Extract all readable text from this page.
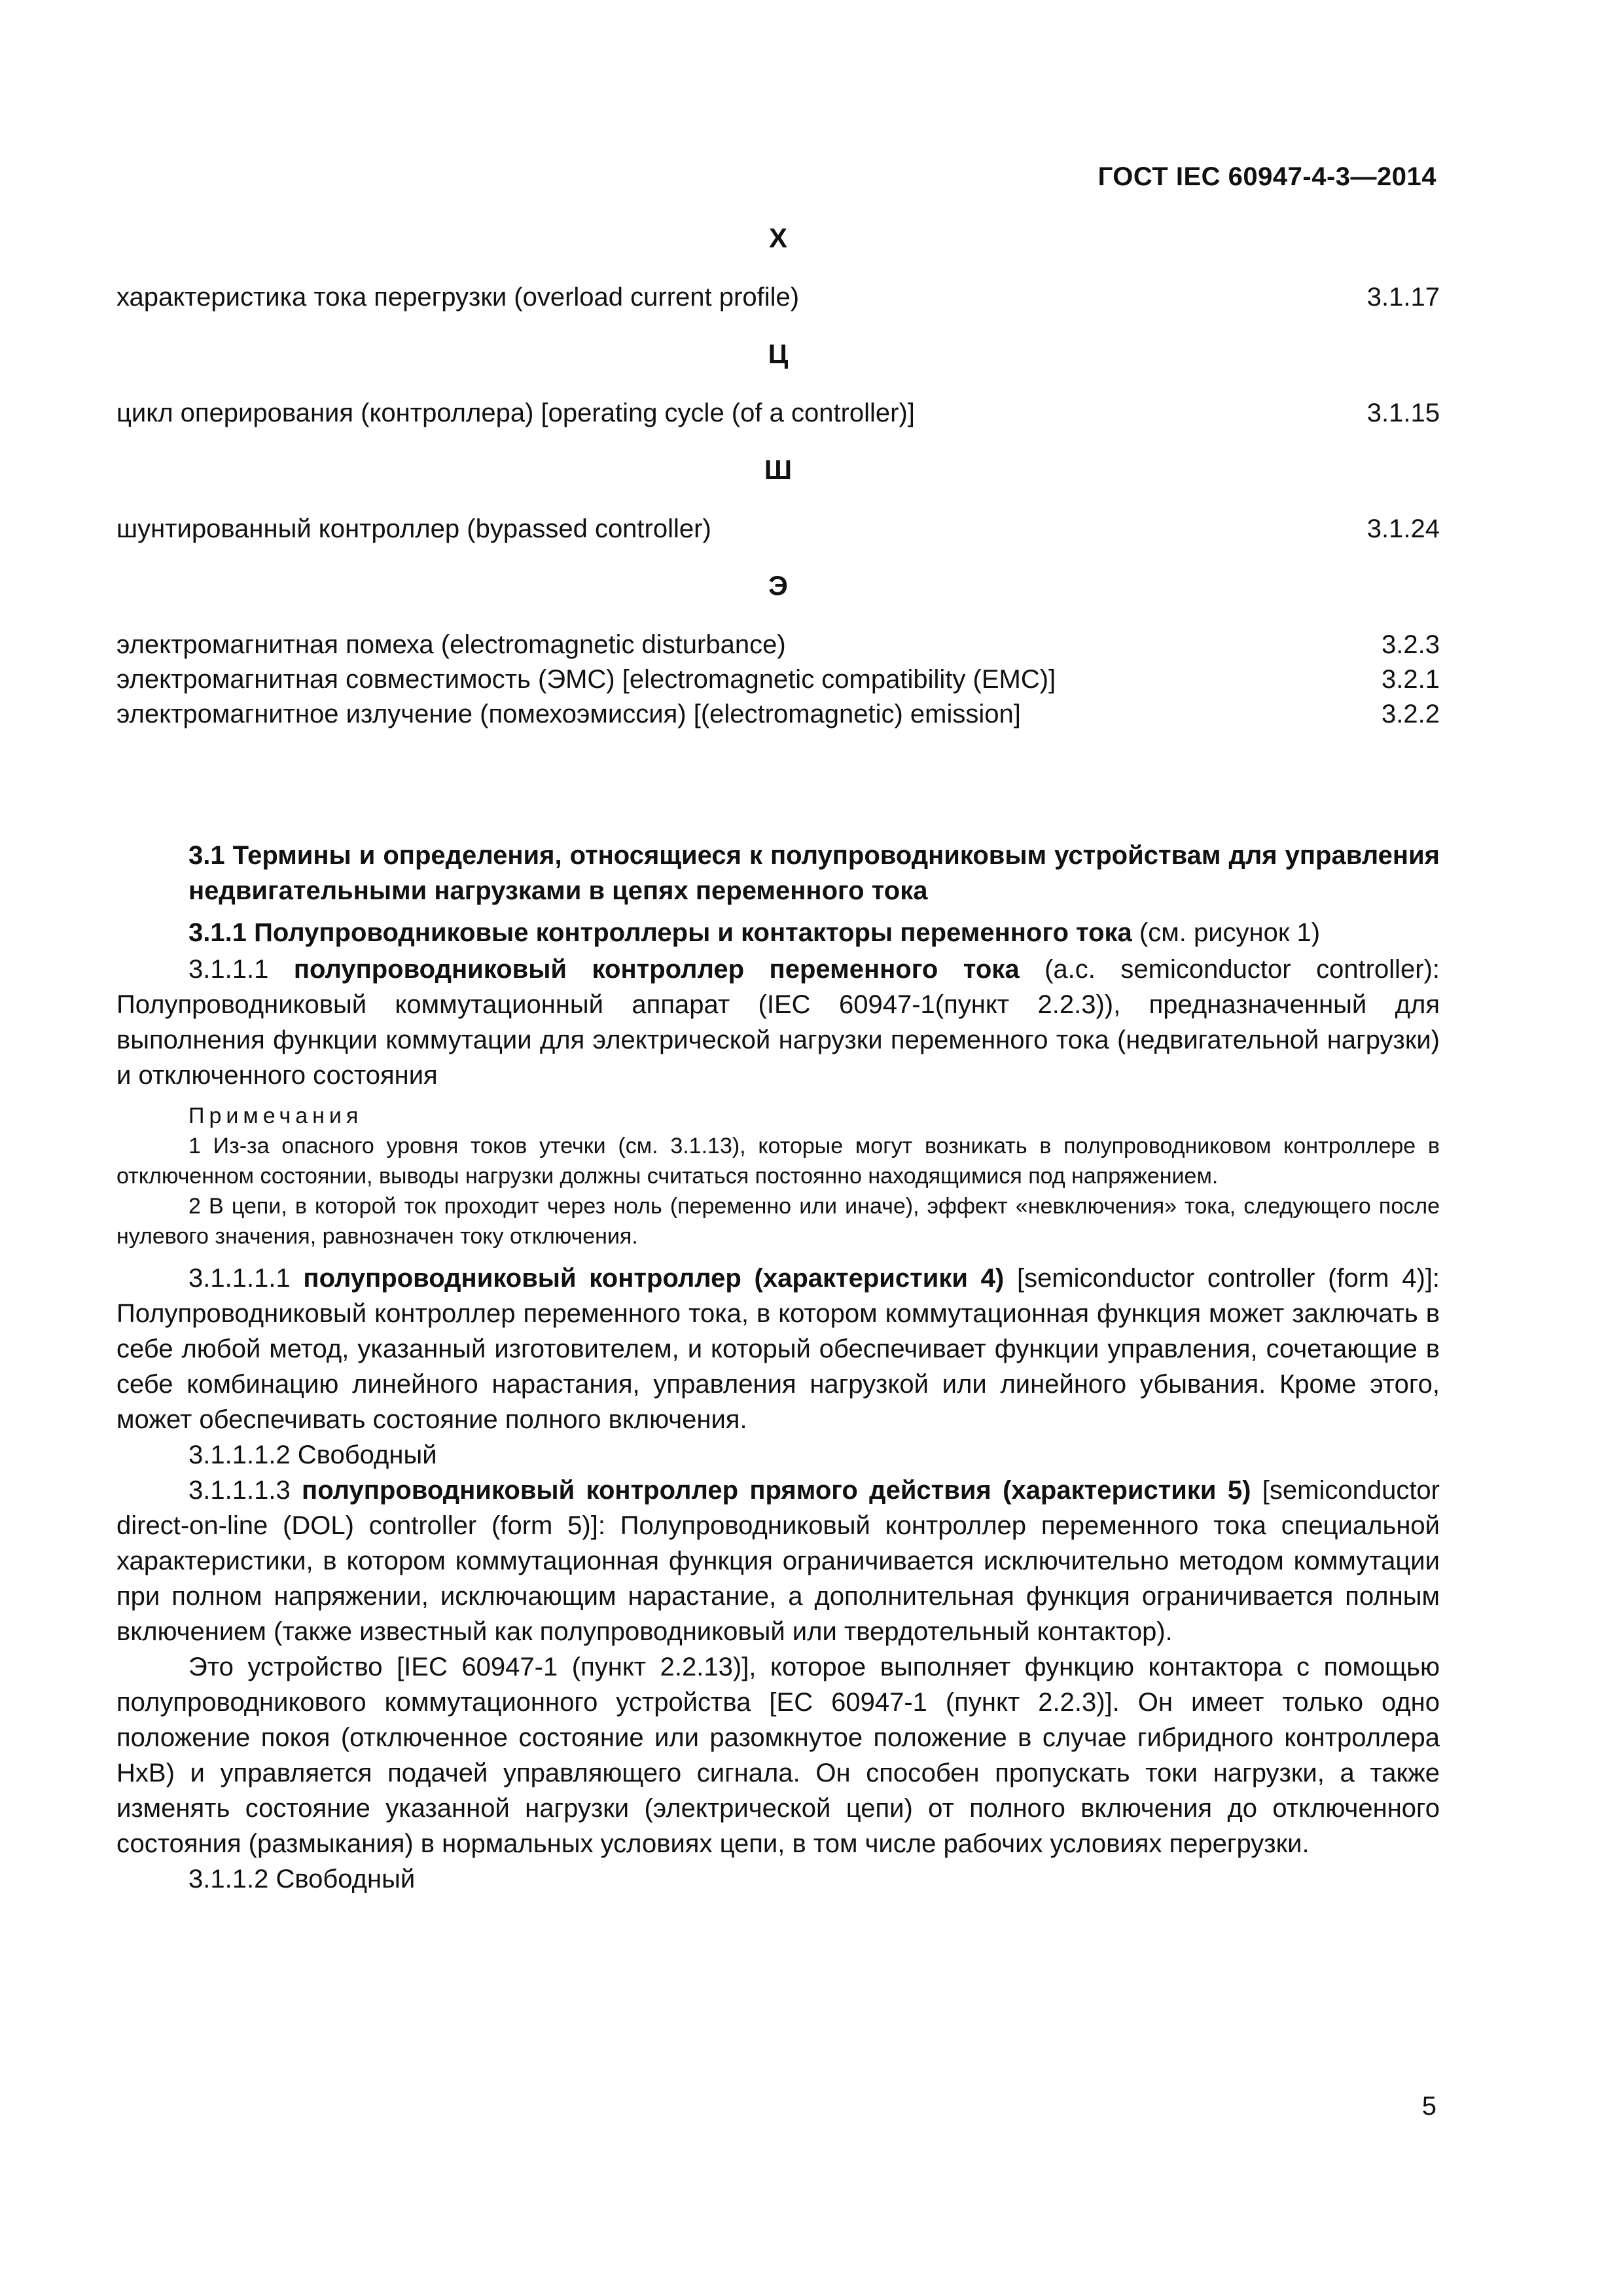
ГОСТ IEC 60947-4-3—2014
Х
характеристика тока перегрузки (overload current profile)	3.1.17
Ц
цикл оперирования (контроллера) [operating cycle (of a controller)]	3.1.15
Ш
шунтированный контроллер (bypassed controller)	3.1.24
Э
электромагнитная помеха (electromagnetic disturbance)	3.2.3
электромагнитная совместимость (ЭМС) [electromagnetic compatibility (EMC)]	3.2.1
электромагнитное излучение (помехоэмиссия) [(electromagnetic) emission]	3.2.2

3.1 Термины и определения, относящиеся к полупроводниковым устройствам для управления недвигательными нагрузками в цепях переменного тока

3.1.1 Полупроводниковые контроллеры и контакторы переменного тока (см. рисунок 1)

3.1.1.1 полупроводниковый контроллер переменного тока (a.c. semiconductor controller): Полупроводниковый коммутационный аппарат (IEC 60947-1(пункт 2.2.3)), предназначенный для выполнения функции коммутации для электрической нагрузки переменного тока (недвигательной нагрузки) и отключенного состояния

Примечания

1 Из-за опасного уровня токов утечки (см. 3.1.13), которые могут возникать в полупроводниковом контроллере в отключенном состоянии, выводы нагрузки должны считаться постоянно находящимися под напряжением.

2 В цепи, в которой ток проходит через ноль (переменно или иначе), эффект «невключения» тока, следующего после нулевого значения, равнозначен току отключения.

3.1.1.1.1 полупроводниковый контроллер (характеристики 4) [semiconductor controller (form 4)]: Полупроводниковый контроллер переменного тока, в котором коммутационная функция может заключать в себе любой метод, указанный изготовителем, и который обеспечивает функции управления, сочетающие в себе комбинацию линейного нарастания, управления нагрузкой или линейного убывания. Кроме этого, может обеспечивать состояние полного включения.

3.1.1.1.2 Свободный

3.1.1.1.3 полупроводниковый контроллер прямого действия (характеристики 5) [semiconductor direct-on-line (DOL) controller (form 5)]: Полупроводниковый контроллер переменного тока специальной характеристики, в котором коммутационная функция ограничивается исключительно методом коммутации при полном напряжении, исключающим нарастание, а дополнительная функция ограничивается полным включением (также известный как полупроводниковый или твердотельный контактор).

Это устройство [IEC 60947-1 (пункт 2.2.13)], которое выполняет функцию контактора с помощью полупроводникового коммутационного устройства [EC 60947-1 (пункт 2.2.3)]. Он имеет только одно положение покоя (отключенное состояние или разомкнутое положение в случае гибридного контроллера HxB) и управляется подачей управляющего сигнала. Он способен пропускать токи нагрузки, а также изменять состояние указанной нагрузки (электрической цепи) от полного включения до отключенного состояния (размыкания) в нормальных условиях цепи, в том числе рабочих условиях перегрузки.

3.1.1.2 Свободный

5
